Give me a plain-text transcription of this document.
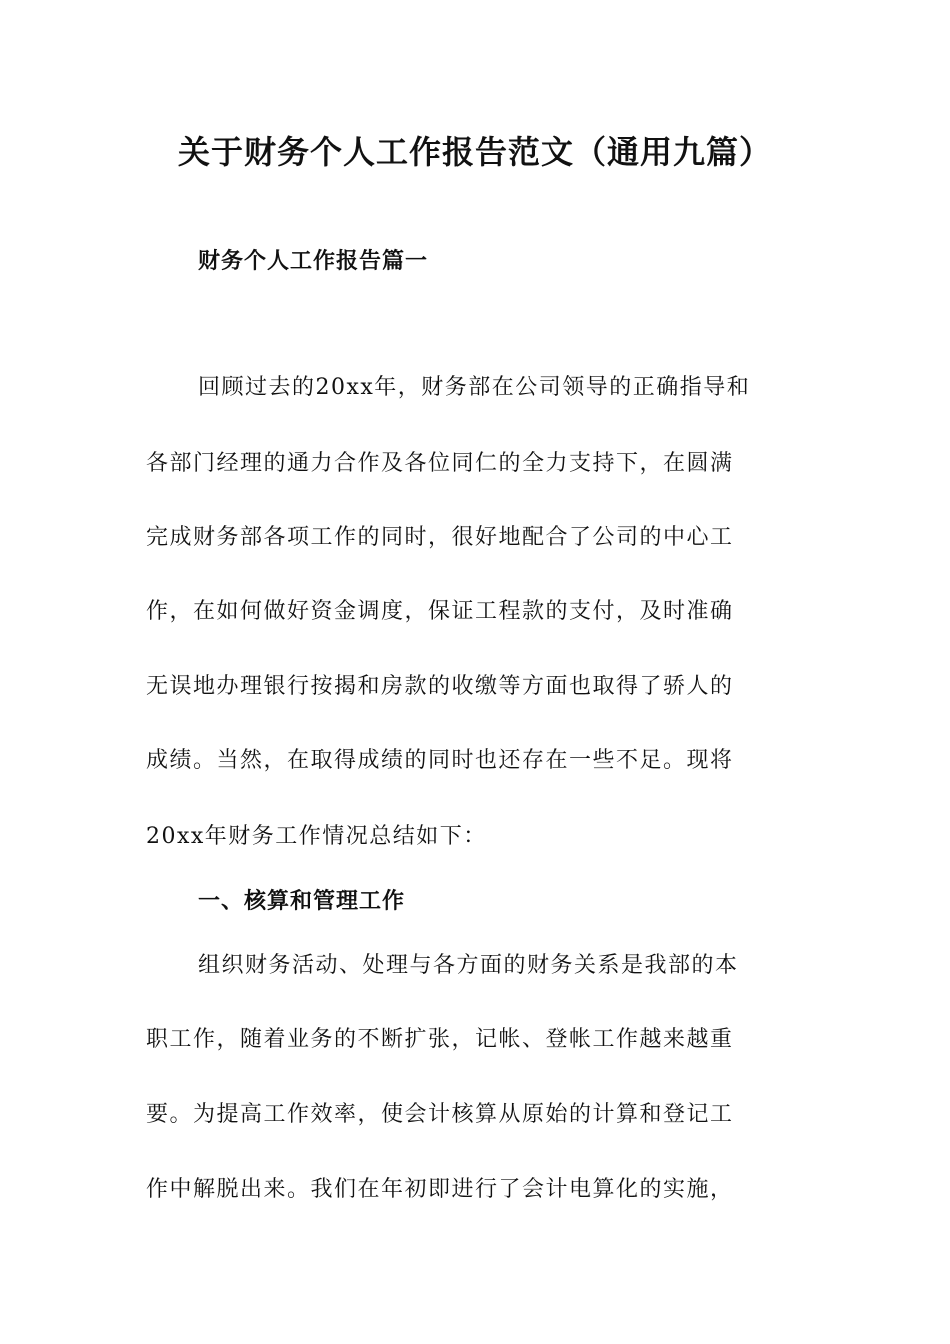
关于财务个人工作报告范文（通用九篇）
财务个人工作报告篇一
回顾过去的20xx年，财务部在公司领导的正确指导和
各部门经理的通力合作及各位同仁的全力支持下，在圆满
完成财务部各项工作的同时，很好地配合了公司的中心工
作，在如何做好资金调度，保证工程款的支付，及时准确
无误地办理银行按揭和房款的收缴等方面也取得了骄人的
成绩。当然，在取得成绩的同时也还存在一些不足。现将
20xx年财务工作情况总结如下：
一、核算和管理工作
组织财务活动、处理与各方面的财务关系是我部的本
职工作，随着业务的不断扩张，记帐、登帐工作越来越重
要。为提高工作效率，使会计核算从原始的计算和登记工
作中解脱出来。我们在年初即进行了会计电算化的实施，
